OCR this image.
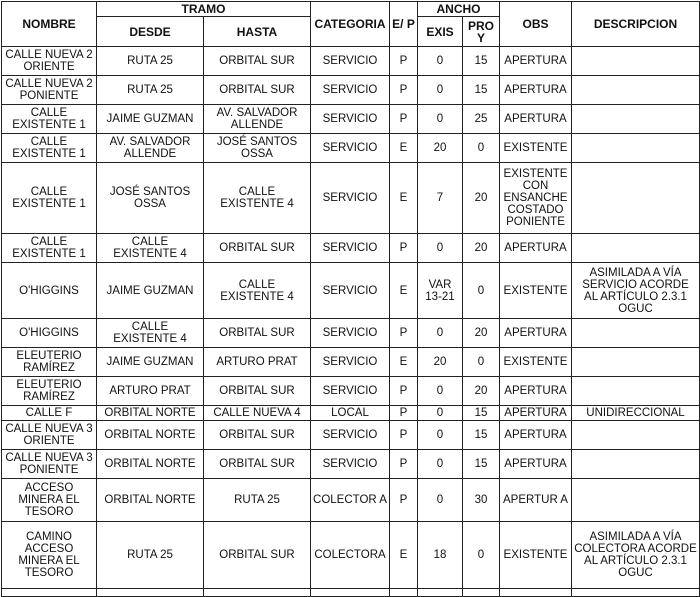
NOMBRE	TRAMO		CATEGORIA	E/ P	ANCHO		OBS	DESCRIPCION
	DESDE	HASTA			EXIS	PRO Y		
CALLE NUEVA 2 ORIENTE	RUTA 25	ORBITAL SUR	SERVICIO	P	0	15	APERTURA	
CALLE NUEVA 2 PONIENTE	RUTA 25	ORBITAL SUR	SERVICIO	P	0	15	APERTURA	
CALLE EXISTENTE 1	JAIME GUZMAN	AV. SALVADOR ALLENDE	SERVICIO	P	0	25	APERTURA	
CALLE EXISTENTE 1	AV. SALVADOR ALLENDE	JOSÉ SANTOS OSSA	SERVICIO	E	20	0	EXISTENTE	
CALLE EXISTENTE 1	JOSÉ SANTOS OSSA	CALLE EXISTENTE 4	SERVICIO	E	7	20	EXISTENTE CON ENSANCHE COSTADO PONIENTE	
CALLE EXISTENTE 1	CALLE EXISTENTE 4	ORBITAL SUR	SERVICIO	P	0	20	APERTURA	
O'HIGGINS	JAIME GUZMAN	CALLE EXISTENTE 4	SERVICIO	E	VAR 13-21	0	EXISTENTE	ASIMILADA A VÍA SERVICIO ACORDE AL ARTÍCULO 2.3.1 OGUC
O'HIGGINS	CALLE EXISTENTE 4	ORBITAL SUR	SERVICIO	P	0	20	APERTURA	
ELEUTERIO RAMÍREZ	JAIME GUZMAN	ARTURO PRAT	SERVICIO	E	20	0	EXISTENTE	
ELEUTERIO RAMÍREZ	ARTURO PRAT	ORBITAL SUR	SERVICIO	P	0	20	APERTURA	
CALLE F	ORBITAL NORTE	CALLE NUEVA 4	LOCAL	P	0	15	APERTURA	UNIDIRECCIONAL
CALLE NUEVA 3 ORIENTE	ORBITAL NORTE	ORBITAL SUR	SERVICIO	P	0	15	APERTURA	
CALLE NUEVA 3 PONIENTE	ORBITAL NORTE	ORBITAL SUR	SERVICIO	P	0	15	APERTURA	
ACCESO MINERA EL TESORO	ORBITAL NORTE	RUTA 25	COLECTOR A	P	0	30	APERTUR A	
CAMINO ACCESO MINERA EL TESORO	RUTA 25	ORBITAL SUR	COLECTORA	E	18	0	EXISTENTE	ASIMILADA A VÍA COLECTORA ACORDE AL ARTÍCULO 2.3.1 OGUC
